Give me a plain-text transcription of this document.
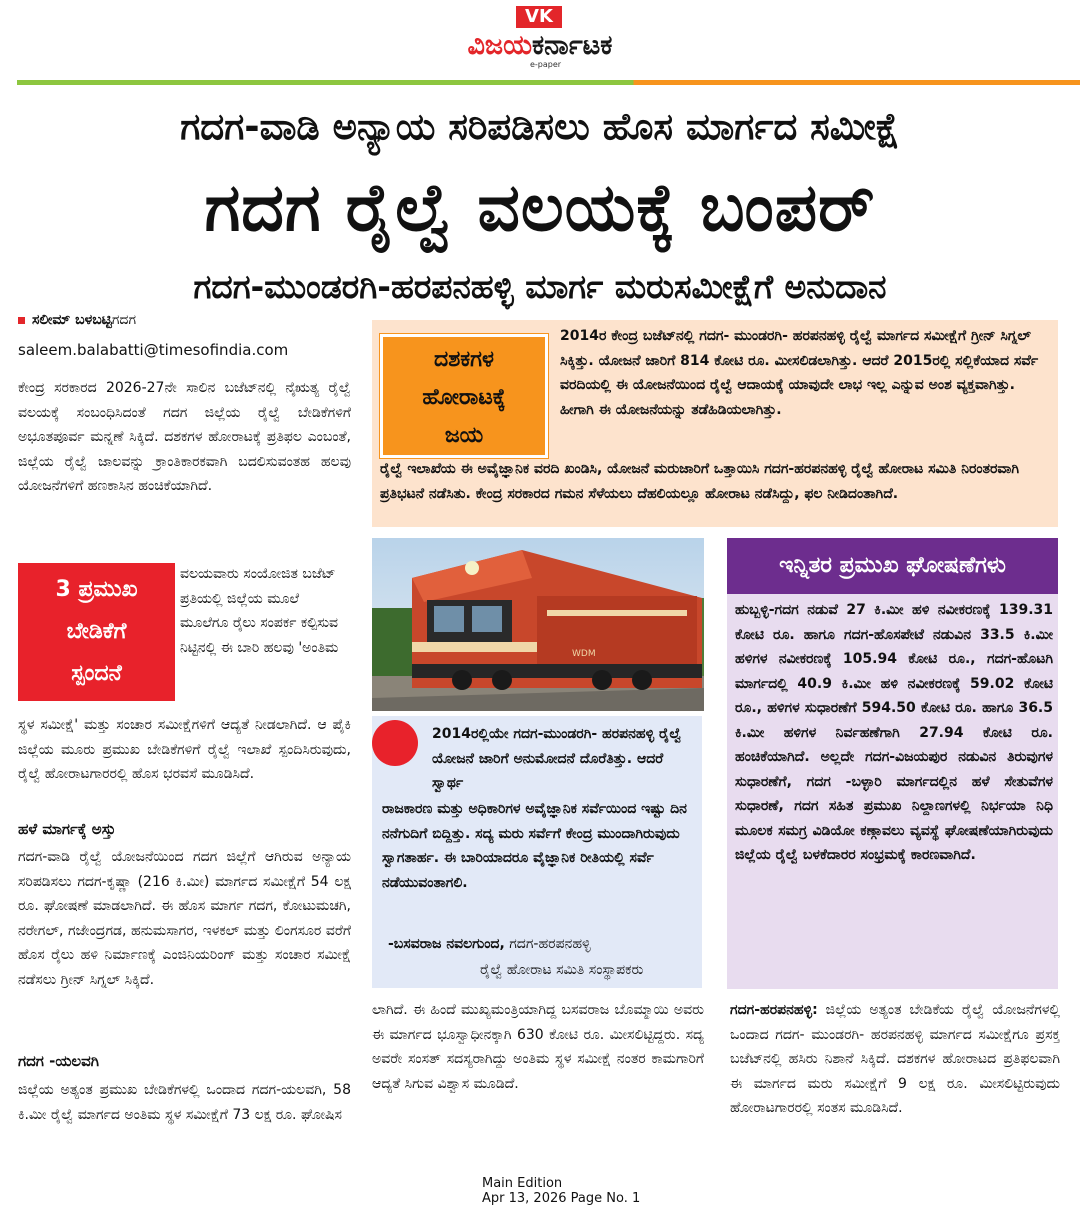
VK
ವಿಜಯಕರ್ನಾಟಕ
e-paper
ಗದಗ-ವಾಡಿ ಅನ್ಯಾಯ ಸರಿಪಡಿಸಲು ಹೊಸ ಮಾರ್ಗದ ಸಮೀಕ್ಷೆ
ಗದಗ ರೈಲ್ವೆ ವಲಯಕ್ಕೆ ಬಂಪರ್
ಗದಗ-ಮುಂಡರಗಿ-ಹರಪನಹಳ್ಳಿ ಮಾರ್ಗ ಮರುಸಮೀಕ್ಷೆಗೆ ಅನುದಾನ
ಸಲೀಮ್ ಬಳಬಟ್ಟಿಗದಗ
saleem.balabatti@timesofindia.com
ಕೇಂದ್ರ ಸರಕಾರದ 2026-27ನೇ ಸಾಲಿನ ಬಜೆಟ್‌ನಲ್ಲಿ ನೈಋತ್ಯ ರೈಲ್ವೆ ವಲಯಕ್ಕೆ ಸಂಬಂಧಿಸಿದಂತೆ ಗದಗ ಜಿಲ್ಲೆಯ ರೈಲ್ವೆ ಬೇಡಿಕೆಗಳಿಗೆ ಅಭೂತಪೂರ್ವ ಮನ್ನಣೆ ಸಿಕ್ಕಿದೆ. ದಶಕಗಳ ಹೋರಾಟಕ್ಕೆ ಪ್ರತಿಫಲ ಎಂಬಂತೆ, ಜಿಲ್ಲೆಯ ರೈಲ್ವೆ ಜಾಲವನ್ನು ಕ್ರಾಂತಿಕಾರಕವಾಗಿ ಬದಲಿಸುವಂತಹ ಹಲವು ಯೋಜನೆಗಳಿಗೆ ಹಣಕಾಸಿನ ಹಂಚಿಕೆಯಾಗಿದೆ.
3 ಪ್ರಮುಖ
ಬೇಡಿಕೆಗೆ
ಸ್ಪಂದನೆ
ವಲಯವಾರು ಸಂಯೋಜಿತ ಬಜೆಟ್ ಪ್ರತಿಯಲ್ಲಿ ಜಿಲ್ಲೆಯ ಮೂಲೆ ಮೂಲೆಗೂ ರೈಲು ಸಂಪರ್ಕ ಕಲ್ಪಿಸುವ ನಿಟ್ಟಿನಲ್ಲಿ ಈ ಬಾರಿ ಹಲವು 'ಅಂತಿಮ
ಸ್ಥಳ ಸಮೀಕ್ಷೆ' ಮತ್ತು ಸಂಚಾರ ಸಮೀಕ್ಷೆಗಳಿಗೆ ಆದ್ಯತೆ ನೀಡಲಾಗಿದೆ. ಆ ಪೈಕಿ ಜಿಲ್ಲೆಯ ಮೂರು ಪ್ರಮುಖ ಬೇಡಿಕೆಗಳಿಗೆ ರೈಲ್ವೆ ಇಲಾಖೆ ಸ್ಪಂದಿಸಿರುವುದು, ರೈಲ್ವೆ ಹೋರಾಟಗಾರರಲ್ಲಿ ಹೊಸ ಭರವಸೆ ಮೂಡಿಸಿದೆ.
ಹಳೆ ಮಾರ್ಗಕ್ಕೆ ಅಸ್ತು
ಗದಗ-ವಾಡಿ ರೈಲ್ವೆ ಯೋಜನೆಯಿಂದ ಗದಗ ಜಿಲ್ಲೆಗೆ ಆಗಿರುವ ಅನ್ಯಾಯ ಸರಿಪಡಿಸಲು ಗದಗ-ಕೃಷ್ಣಾ (216 ಕಿ.ಮೀ) ಮಾರ್ಗದ ಸಮೀಕ್ಷೆಗೆ 54 ಲಕ್ಷ ರೂ. ಘೋಷಣೆ ಮಾಡಲಾಗಿದೆ. ಈ ಹೊಸ ಮಾರ್ಗ ಗದಗ, ಕೋಟುಮಚಗಿ, ನರೇಗಲ್, ಗಜೇಂದ್ರಗಡ, ಹನುಮಸಾಗರ, ಇಳಕಲ್ ಮತ್ತು ಲಿಂಗಸೂರ ವರೆಗೆ ಹೊಸ ರೈಲು ಹಳಿ ನಿರ್ಮಾಣಕ್ಕೆ ಎಂಜಿನಿಯರಿಂಗ್ ಮತ್ತು ಸಂಚಾರ ಸಮೀಕ್ಷೆ ನಡೆಸಲು ಗ್ರೀನ್ ಸಿಗ್ನಲ್ ಸಿಕ್ಕಿದೆ.
ಗದಗ -ಯಲವಗಿ
ಜಿಲ್ಲೆಯ ಅತ್ಯಂತ ಪ್ರಮುಖ ಬೇಡಿಕೆಗಳಲ್ಲಿ ಒಂದಾದ ಗದಗ-ಯಲವಗಿ, 58 ಕಿ.ಮೀ ರೈಲ್ವೆ ಮಾರ್ಗದ ಅಂತಿಮ ಸ್ಥಳ ಸಮೀಕ್ಷೆಗೆ 73 ಲಕ್ಷ ರೂ. ಘೋಷಿಸ
ದಶಕಗಳ
ಹೋರಾಟಕ್ಕೆ
ಜಯ
2014ರ ಕೇಂದ್ರ ಬಜೆಟ್‌ನಲ್ಲಿ ಗದಗ- ಮುಂಡರಗಿ- ಹರಪನಹಳ್ಳಿ ರೈಲ್ವೆ ಮಾರ್ಗದ ಸಮೀಕ್ಷೆಗೆ ಗ್ರೀನ್ ಸಿಗ್ನಲ್ ಸಿಕ್ಕಿತ್ತು. ಯೋಜನೆ ಜಾರಿಗೆ 814 ಕೋಟಿ ರೂ. ಮೀಸಲಿಡಲಾಗಿತ್ತು. ಆದರೆ 2015ರಲ್ಲಿ ಸಲ್ಲಿಕೆಯಾದ ಸರ್ವೆ ವರದಿಯಲ್ಲಿ ಈ ಯೋಜನೆಯಿಂದ ರೈಲ್ವೆ ಆದಾಯಕ್ಕೆ ಯಾವುದೇ ಲಾಭ ಇಲ್ಲ ಎನ್ನುವ ಅಂಶ ವ್ಯಕ್ತವಾಗಿತ್ತು. ಹೀಗಾಗಿ ಈ ಯೋಜನೆಯನ್ನು ತಡೆಹಿಡಿಯಲಾಗಿತ್ತು.
ರೈಲ್ವೆ ಇಲಾಖೆಯ ಈ ಅವೈಜ್ಞಾನಿಕ ವರದಿ ಖಂಡಿಸಿ, ಯೋಜನೆ ಮರುಜಾರಿಗೆ ಒತ್ತಾಯಿಸಿ ಗದಗ-ಹರಪನಹಳ್ಳಿ ರೈಲ್ವೆ ಹೋರಾಟ ಸಮಿತಿ ನಿರಂತರವಾಗಿ ಪ್ರತಿಭಟನೆ ನಡೆಸಿತು. ಕೇಂದ್ರ ಸರಕಾರದ ಗಮನ ಸೆಳೆಯಲು ದೆಹಲಿಯಲ್ಲೂ ಹೋರಾಟ ನಡೆಸಿದ್ದು, ಫಲ ನೀಡಿದಂತಾಗಿದೆ.
WDM
2014ರಲ್ಲಿಯೇ ಗದಗ-ಮುಂಡರಗಿ- ಹರಪನಹಳ್ಳಿ ರೈಲ್ವೆ ಯೋಜನೆ ಜಾರಿಗೆ ಅನುಮೋದನೆ ದೊರೆತಿತ್ತು. ಆದರೆ ಸ್ವಾರ್ಥ
ರಾಜಕಾರಣ ಮತ್ತು ಅಧಿಕಾರಿಗಳ ಅವೈಜ್ಞಾನಿಕ ಸರ್ವೆಯಿಂದ ಇಷ್ಟು ದಿನ ನನೆಗುದಿಗೆ ಬಿದ್ದಿತ್ತು. ಸದ್ಯ ಮರು ಸರ್ವೆಗೆ ಕೇಂದ್ರ ಮುಂದಾಗಿರುವುದು ಸ್ವಾಗತಾರ್ಹ. ಈ ಬಾರಿಯಾದರೂ ವೈಜ್ಞಾನಿಕ ರೀತಿಯಲ್ಲಿ ಸರ್ವೆ ನಡೆಯುವಂತಾಗಲಿ.
-ಬಸವರಾಜ ನವಲಗುಂದ, ಗದಗ-ಹರಪನಹಳ್ಳಿ
ರೈಲ್ವೆ ಹೋರಾಟ ಸಮಿತಿ ಸಂಸ್ಥಾಪಕರು
ಲಾಗಿದೆ. ಈ ಹಿಂದೆ ಮುಖ್ಯಮಂತ್ರಿಯಾಗಿದ್ದ ಬಸವರಾಜ ಬೊಮ್ಮಾಯಿ ಅವರು ಈ ಮಾರ್ಗದ ಭೂಸ್ವಾಧೀನಕ್ಕಾಗಿ 630 ಕೋಟಿ ರೂ. ಮೀಸಲಿಟ್ಟಿದ್ದರು. ಸದ್ಯ ಅವರೇ ಸಂಸತ್ ಸದಸ್ಯರಾಗಿದ್ದು ಅಂತಿಮ ಸ್ಥಳ ಸಮೀಕ್ಷೆ ನಂತರ ಕಾಮಗಾರಿಗೆ ಆದ್ಯತೆ ಸಿಗುವ ವಿಶ್ವಾಸ ಮೂಡಿದೆ.
ಇನ್ನಿತರ ಪ್ರಮುಖ ಘೋಷಣೆಗಳು
ಹುಬ್ಬಳ್ಳಿ-ಗದಗ ನಡುವೆ 27 ಕಿ.ಮೀ ಹಳಿ ನವೀಕರಣಕ್ಕೆ 139.31 ಕೋಟಿ ರೂ. ಹಾಗೂ ಗದಗ-ಹೊಸಪೇಟೆ ನಡುವಿನ 33.5 ಕಿ.ಮೀ ಹಳಿಗಳ ನವೀಕರಣಕ್ಕೆ 105.94 ಕೋಟಿ ರೂ., ಗದಗ-ಹೊಟಗಿ ಮಾರ್ಗದಲ್ಲಿ 40.9 ಕಿ.ಮೀ ಹಳಿ ನವೀಕರಣಕ್ಕೆ 59.02 ಕೋಟಿ ರೂ., ಹಳಿಗಳ ಸುಧಾರಣೆಗೆ 594.50 ಕೋಟಿ ರೂ. ಹಾಗೂ 36.5 ಕಿ.ಮೀ ಹಳಿಗಳ ನಿರ್ವಹಣೆಗಾಗಿ 27.94 ಕೋಟಿ ರೂ. ಹಂಚಿಕೆಯಾಗಿದೆ. ಅಲ್ಲದೇ ಗದಗ-ವಿಜಯಪುರ ನಡುವಿನ ತಿರುವುಗಳ ಸುಧಾರಣೆಗೆ, ಗದಗ -ಬಳ್ಳಾರಿ ಮಾರ್ಗದಲ್ಲಿನ ಹಳೆ ಸೇತುವೆಗಳ ಸುಧಾರಣೆ, ಗದಗ ಸಹಿತ ಪ್ರಮುಖ ನಿಲ್ದಾಣಗಳಲ್ಲಿ ನಿರ್ಭಯಾ ನಿಧಿ ಮೂಲಕ ಸಮಗ್ರ ವಿಡಿಯೋ ಕಣ್ಗಾವಲು ವ್ಯವಸ್ಥೆ ಘೋಷಣೆಯಾಗಿರುವುದು ಜಿಲ್ಲೆಯ ರೈಲ್ವೆ ಬಳಕೆದಾರರ ಸಂಭ್ರಮಕ್ಕೆ ಕಾರಣವಾಗಿದೆ.
ಗದಗ-ಹರಪನಹಳ್ಳಿ: ಜಿಲ್ಲೆಯ ಅತ್ಯಂತ ಬೇಡಿಕೆಯ ರೈಲ್ವೆ ಯೋಜನೆಗಳಲ್ಲಿ ಒಂದಾದ ಗದಗ- ಮುಂಡರಗಿ- ಹರಪನಹಳ್ಳಿ ಮಾರ್ಗದ ಸಮೀಕ್ಷೆಗೂ ಪ್ರಸಕ್ತ ಬಜೆಟ್‌ನಲ್ಲಿ ಹಸಿರು ನಿಶಾನೆ ಸಿಕ್ಕಿದೆ. ದಶಕಗಳ ಹೋರಾಟದ ಪ್ರತಿಫಲವಾಗಿ ಈ ಮಾರ್ಗದ ಮರು ಸಮೀಕ್ಷೆಗೆ 9 ಲಕ್ಷ ರೂ. ಮೀಸಲಿಟ್ಟಿರುವುದು ಹೋರಾಟಗಾರರಲ್ಲಿ ಸಂತಸ ಮೂಡಿಸಿದೆ.
Main Edition
Apr 13, 2026 Page No. 1
